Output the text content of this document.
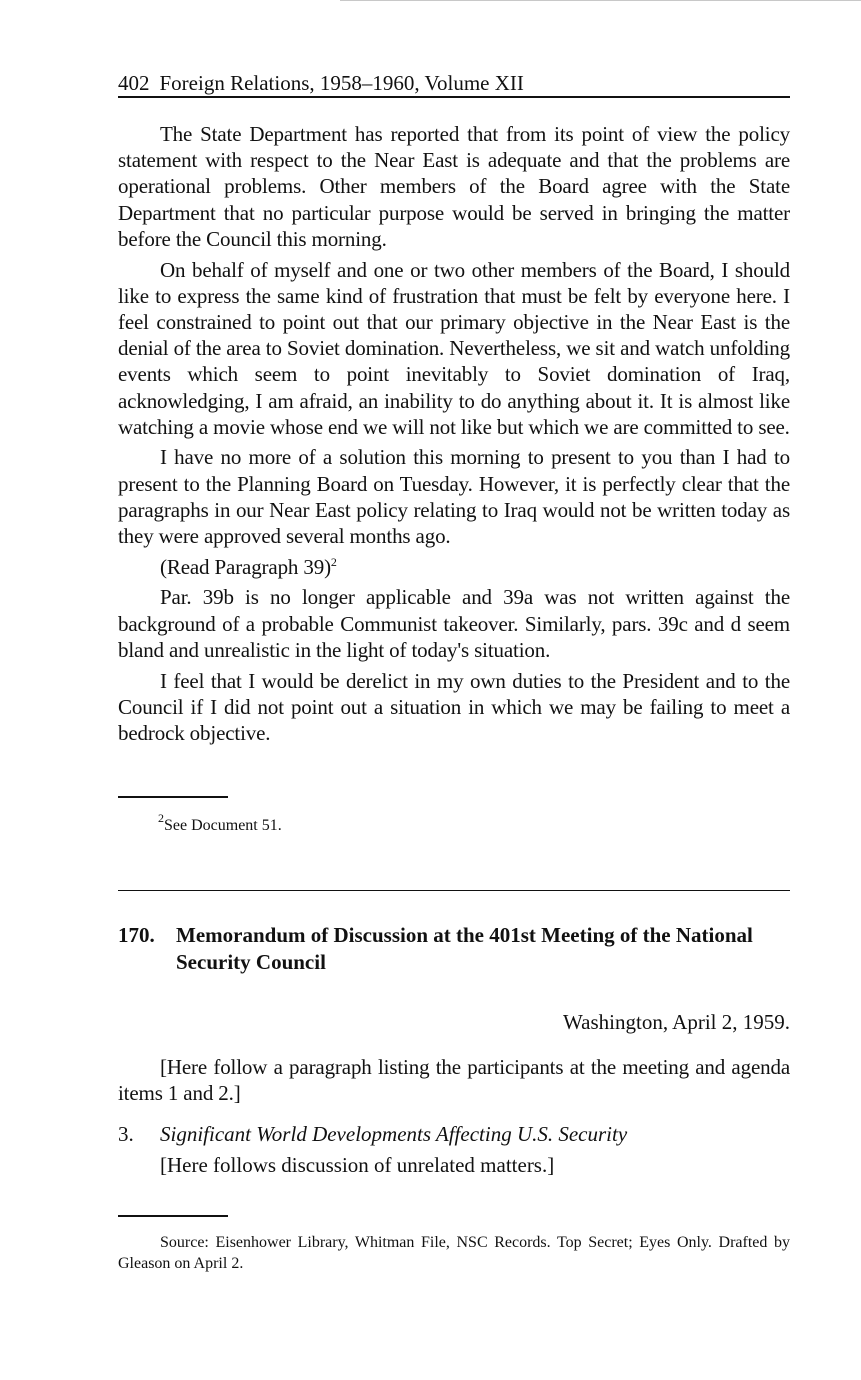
402 Foreign Relations, 1958–1960, Volume XII

The State Department has reported that from its point of view the policy statement with respect to the Near East is adequate and that the problems are operational problems. Other members of the Board agree with the State Department that no particular purpose would be served in bringing the matter before the Council this morning.

On behalf of myself and one or two other members of the Board, I should like to express the same kind of frustration that must be felt by everyone here. I feel constrained to point out that our primary objective in the Near East is the denial of the area to Soviet domination. Nevertheless, we sit and watch unfolding events which seem to point inevitably to Soviet domination of Iraq, acknowledging, I am afraid, an inability to do anything about it. It is almost like watching a movie whose end we will not like but which we are committed to see.

I have no more of a solution this morning to present to you than I had to present to the Planning Board on Tuesday. However, it is perfectly clear that the paragraphs in our Near East policy relating to Iraq would not be written today as they were approved several months ago.

(Read Paragraph 39)$^2$

Par. 39b is no longer applicable and 39a was not written against the background of a probable Communist takeover. Similarly, pars. 39c and d seem bland and unrealistic in the light of today's situation.

I feel that I would be derelict in my own duties to the President and to the Council if I did not point out a situation in which we may be failing to meet a bedrock objective.

$^2$See Document 51.
170. Memorandum of Discussion at the 401st Meeting of the National Security Council
Washington, April 2, 1959.
[Here follow a paragraph listing the participants at the meeting and agenda items 1 and 2.]
3. Significant World Developments Affecting U.S. Security
[Here follows discussion of unrelated matters.]
Source: Eisenhower Library, Whitman File, NSC Records. Top Secret; Eyes Only. Drafted by Gleason on April 2.
